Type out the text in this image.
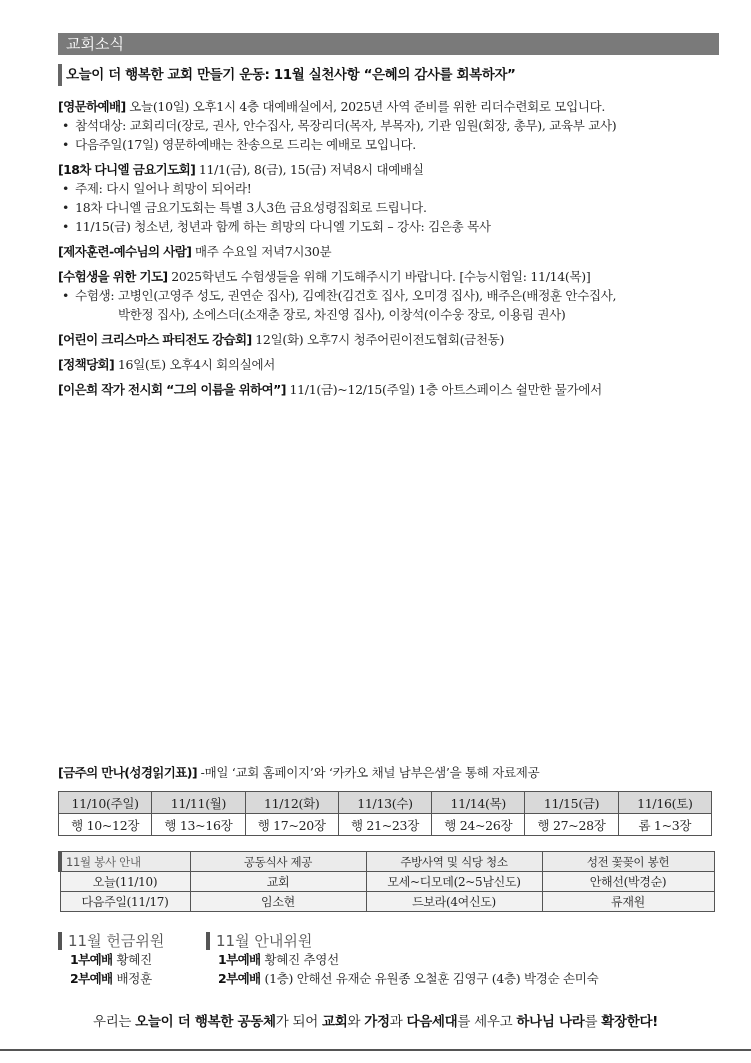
교회소식
오늘이 더 행복한 교회 만들기 운동: 11월 실천사항 “은혜의 감사를 회복하자”
[영문하예배] 오늘(10일) 오후1시 4층 대예배실에서, 2025년 사역 준비를 위한 리더수련회로 모입니다.
• 참석대상: 교회리더(장로, 권사, 안수집사, 목장리더(목자, 부목자), 기관 임원(회장, 총무), 교육부 교사)
• 다음주일(17일) 영문하예배는 찬송으로 드리는 예배로 모입니다.
[18차 다니엘 금요기도회] 11/1(금), 8(금), 15(금) 저녁8시 대예배실
• 주제: 다시 일어나 희망이 되어라!
• 18차 다니엘 금요기도회는 특별 3人3色 금요성령집회로 드립니다.
• 11/15(금) 청소년, 청년과 함께 하는 희망의 다니엘 기도회 – 강사: 김은총 목사
[제자훈련-예수님의 사람] 매주 수요일 저녁7시30분
[수험생을 위한 기도] 2025학년도 수험생들을 위해 기도해주시기 바랍니다. [수능시험일: 11/14(목)]
• 수험생: 고병인(고영주 성도, 권연순 집사), 김예찬(김건호 집사, 오미경 집사), 배주은(배정훈 안수집사,
박한정 집사), 소에스더(소재춘 장로, 차진영 집사), 이창석(이수웅 장로, 이용림 권사)
[어린이 크리스마스 파티전도 강습회] 12일(화) 오후7시 청주어린이전도협회(금천동)
[정책당회] 16일(토) 오후4시 회의실에서
[이은희 작가 전시회 “그의 이름을 위하여”] 11/1(금)~12/15(주일) 1층 아트스페이스 쉴만한 물가에서
[금주의 만나(성경읽기표)] -매일 ‘교회 홈페이지’와 ‘카카오 채널 남부은샘’을 통해 자료제공
11/10(주일)	11/11(월)	11/12(화)	11/13(수)	11/14(목)	11/15(금)	11/16(토)
행 10~12장	행 13~16장	행 17~20장	행 21~23장	행 24~26장	행 27~28장	롬 1~3장
11월 봉사 안내	공동식사 제공	주방사역 및 식당 청소	성전 꽃꽂이 봉헌
오늘(11/10)	교회	모세~디모데(2~5남신도)	안해선(박경순)
다음주일(11/17)	임소현	드보라(4여신도)	류재원
11월 헌금위원
1부예배 황혜진
2부예배 배정훈
11월 안내위원
1부예배 황혜진 추영선
2부예배 (1층) 안해선 유재순 유원종 오철훈 김영구 (4층) 박경순 손미숙
우리는 오늘이 더 행복한 공동체가 되어 교회와 가정과 다음세대를 세우고 하나님 나라를 확장한다!
